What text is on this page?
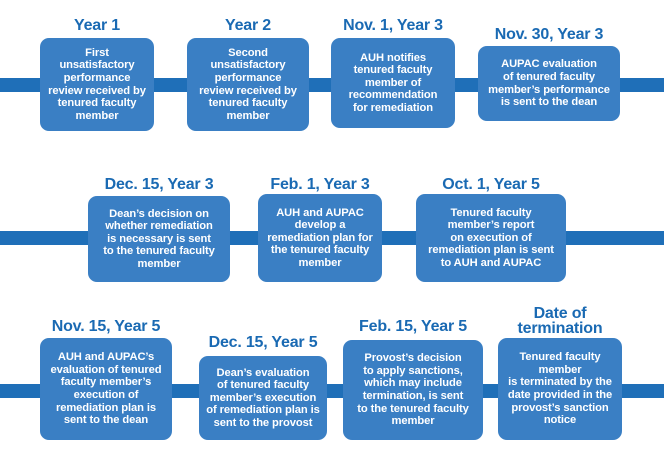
Year 1
First
unsatisfactory
performance
review received by
tenured faculty
member
Year 2
Second
unsatisfactory
performance
review received by
tenured faculty
member
Nov. 1, Year 3
AUH notifies
tenured faculty
member of
recommendation
for remediation
Nov. 30, Year 3
AUPAC evaluation
of tenured faculty
member’s performance
is sent to the dean
Dec. 15, Year 3
Dean’s decision on
whether remediation
is necessary is sent
to the tenured faculty
member
Feb. 1, Year 3
AUH and AUPAC
develop a
remediation plan for
the tenured faculty
member
Oct. 1, Year 5
Tenured faculty
member’s report
on execution of
remediation plan is sent
to AUH and AUPAC
Nov. 15, Year 5
AUH and AUPAC’s
evaluation of tenured
faculty member’s
execution of
remediation plan is
sent to the dean
Dec. 15, Year 5
Dean’s evaluation
of tenured faculty
member’s execution
of remediation plan is
sent to the provost
Feb. 15, Year 5
Provost’s decision
to apply sanctions,
which may include
termination, is sent
to the tenured faculty
member
Date of
termination
Tenured faculty
member
is terminated by the
date provided in the
provost’s sanction
notice
